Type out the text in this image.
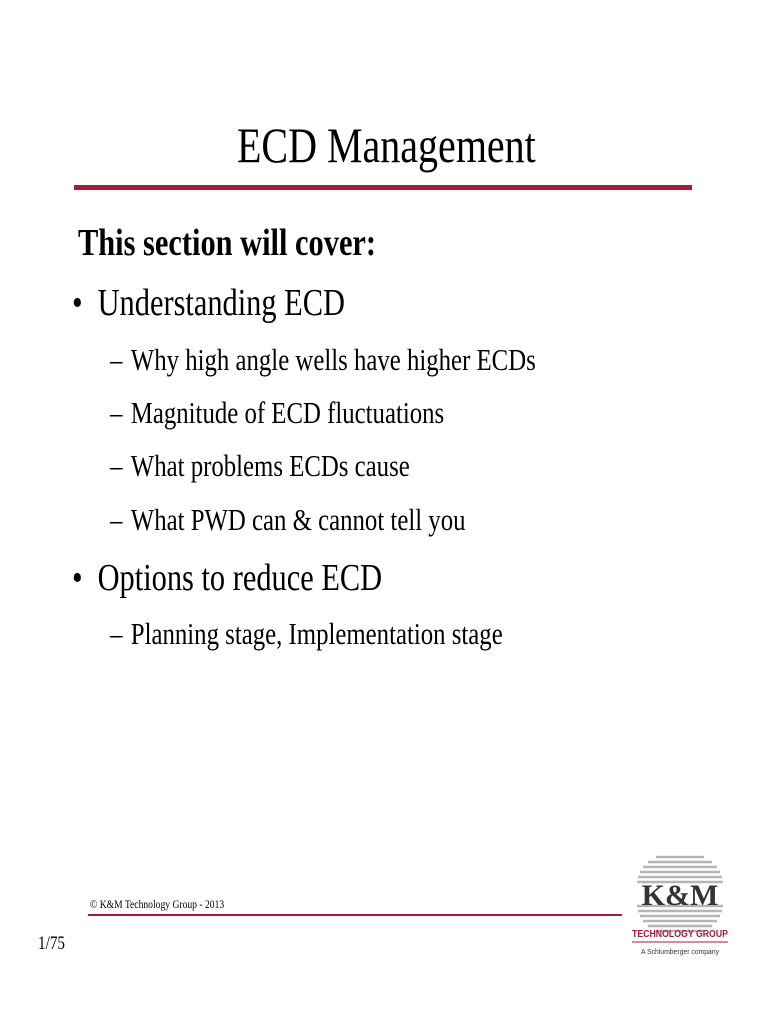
ECD Management
This section will cover:
• Understanding ECD
– Why high angle wells have higher ECDs
– Magnitude of ECD fluctuations
– What problems ECDs cause
– What PWD can & cannot tell you
• Options to reduce ECD
– Planning stage, Implementation stage
© K&M Technology Group - 2013
1/75
K&M
TECHNOLOGY GROUP
A Schlumberger company
